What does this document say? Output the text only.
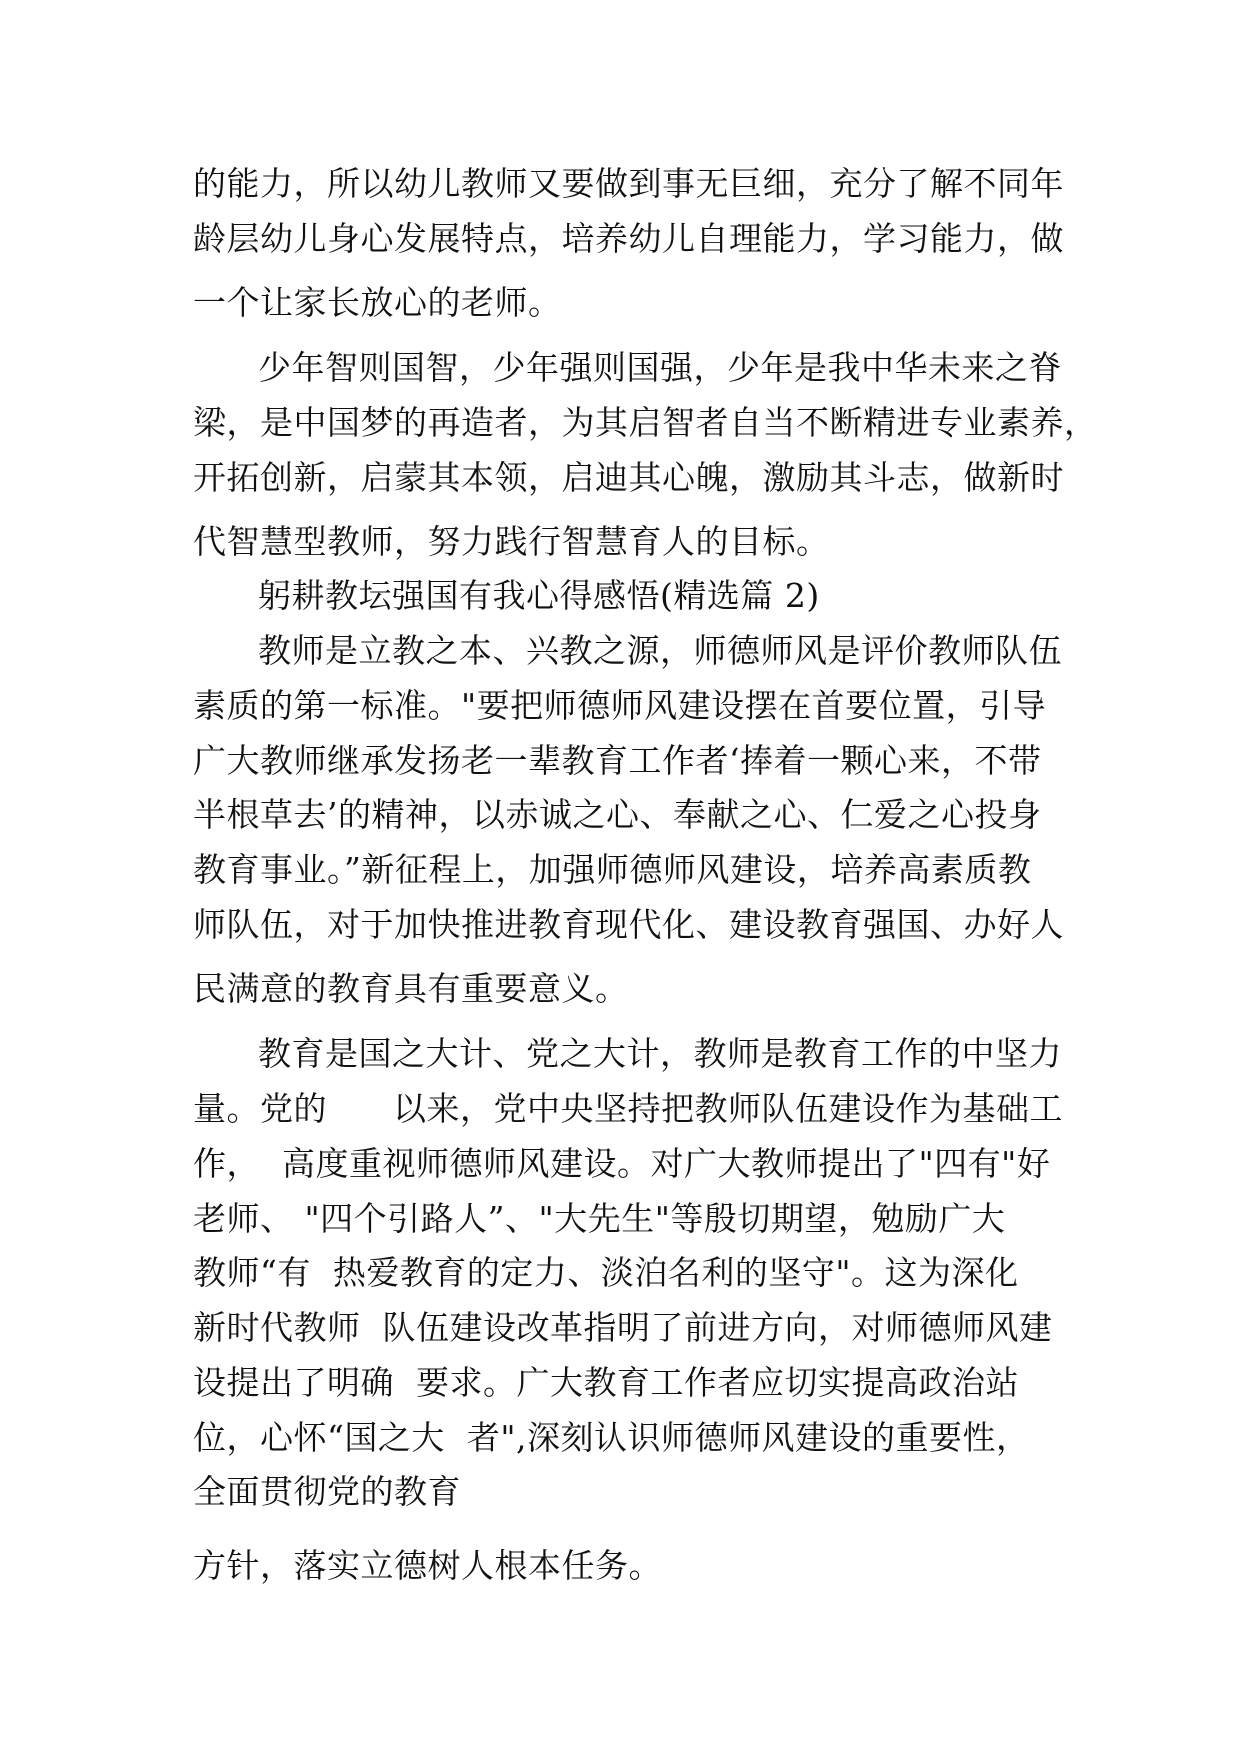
的能力，所以幼儿教师又要做到事无巨细，充分了解不同年
龄层幼儿身心发展特点，培养幼儿自理能力，学习能力，做
一个让家长放心的老师。
少年智则国智，少年强则国强，少年是我中华未来之脊
梁，是中国梦的再造者，为其启智者自当不断精进专业素养，
开拓创新，启蒙其本领，启迪其心魄，激励其斗志，做新时
代智慧型教师，努力践行智慧育人的目标。
躬耕教坛强国有我心得感悟(精选篇 2)
教师是立教之本、兴教之源，师德师风是评价教师队伍
素质的第一标准。"要把师德师风建设摆在首要位置，引导
广大教师继承发扬老一辈教育工作者‘捧着一颗心来，不带
半根草去’的精神，以赤诚之心、奉献之心、仁爱之心投身
教育事业。”新征程上，加强师德师风建设，培养高素质教
师队伍，对于加快推进教育现代化、建设教育强国、办好人
民满意的教育具有重要意义。
教育是国之大计、党之大计，教师是教育工作的中坚力
量。党的      以来，党中央坚持把教师队伍建设作为基础工
作，  高度重视师德师风建设。对广大教师提出了"四有"好
老师、 "四个引路人”、"大先生"等殷切期望，勉励广大
教师“有  热爱教育的定力、淡泊名利的坚守"。这为深化
新时代教师  队伍建设改革指明了前进方向，对师德师风建
设提出了明确  要求。广大教育工作者应切实提高政治站
位，心怀“国之大  者",深刻认识师德师风建设的重要性，
全面贯彻党的教育
方针，落实立德树人根本任务。
